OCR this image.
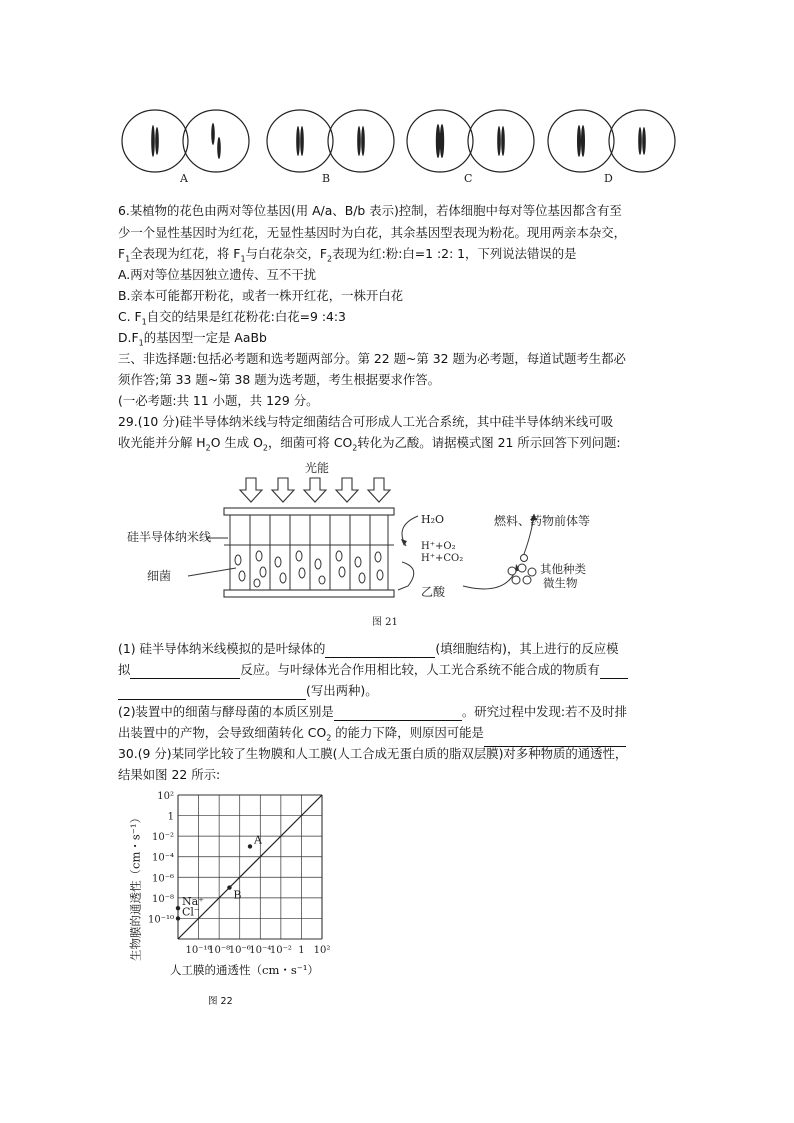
A	B	C	D
6.某植物的花色由两对等位基因(用 A/a、B/b 表示)控制，若体细胞中每对等位基因都含有至
少一个显性基因时为红花，无显性基因时为白花，其余基因型表现为粉花。现用两亲本杂交，
$F_1$全表现为红花，将 $F_1$与白花杂交，$F_2$表现为红:粉:白=1 :2: 1，下列说法错误的是
A.两对等位基因独立遗传、互不干扰
B.亲本可能都开粉花，或者一株开红花，一株开白花
C. $F_1$自交的结果是红花粉花:白花=9 :4:3
$D.F_1$的基因型一定是 AaBb
三、非选择题:包括必考题和选考题两部分。第 22 题~第 32 题为必考题，每道试题考生都必
须作答;第 33 题~第 38 题为选考题，考生根据要求作答。
(一必考题:共 11 小题，共 129 分。
29.(10 分)硅半导体纳米线与特定细菌结合可形成人工光合系统，其中硅半导体纳米线可吸
收光能并分解 $H_2O$ 生成 $O_2$，细菌可将 $CO_2$转化为乙酸。请据模式图 21 所示回答下列问题:
光能
硅半导体纳米线
细菌
H₂O
H⁺+O₂
H⁺+CO₂
乙酸
燃料、药物前体等
其他种类
微生物
图 21
(1) 硅半导体纳米线模拟的是叶绿体的	(填细胞结构)，其上进行的反应模
拟	反应。与叶绿体光合作用相比较，人工光合系统不能合成的物质有
(写出两种)。
(2)装置中的细菌与酵母菌的本质区别是	。研究过程中发现:若不及时排
出装置中的产物，会导致细菌转化 $CO_2$ 的能力下降，则原因可能是
30.(9 分)某同学比较了生物膜和人工膜(人工合成无蛋白质的脂双层膜)对多种物质的通透性，
结果如图 22 所示:
A
B
Na⁺
Cl⁻
10⁻¹⁰
10⁻⁸
10⁻⁶
10⁻⁴
10⁻² 1 10²
10²
1
10⁻²
10⁻⁴
10⁻⁶
10⁻⁸
10⁻¹⁰
生物膜的通透性（cm・s⁻¹）
人工膜的通透性（cm・s⁻¹）
图 22
